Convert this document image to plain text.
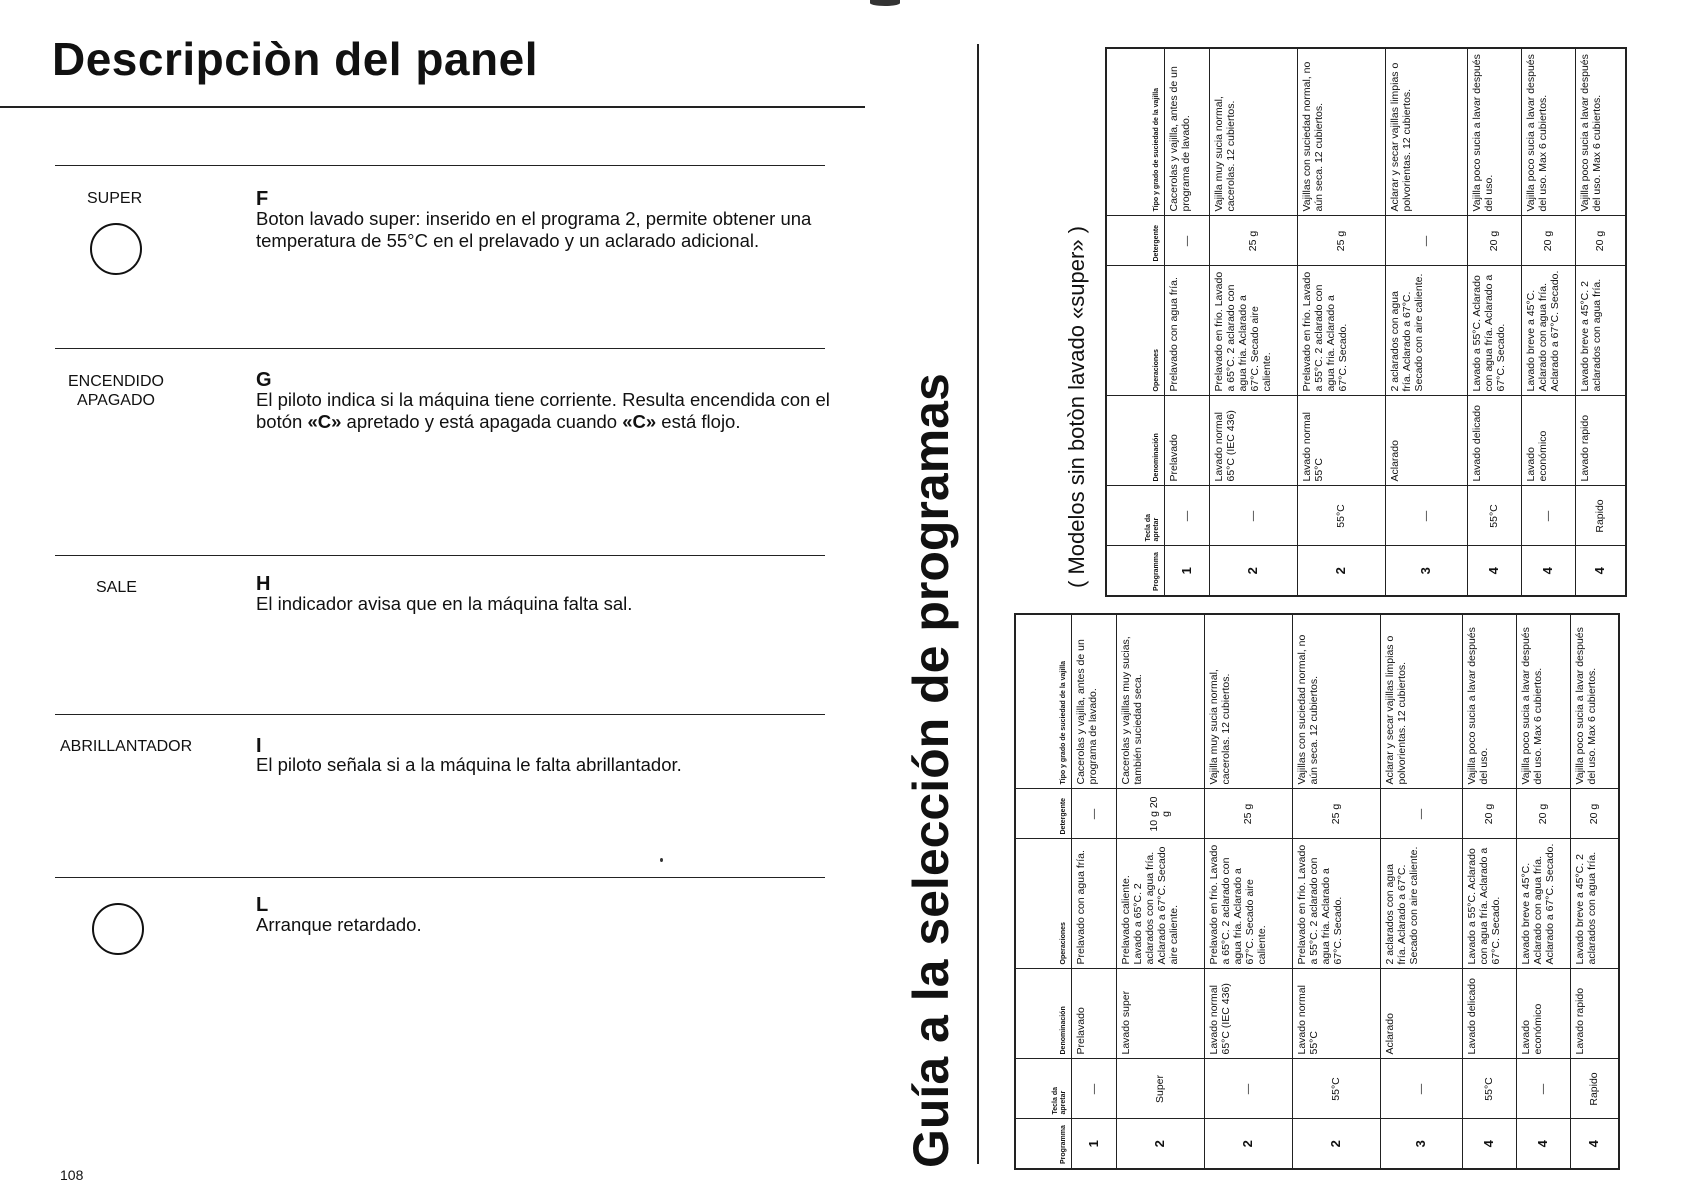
Descripciòn del panel
SUPER	F
Boton lavado super: inserido en el programa 2, permite obtener una temperatura de 55°C en el prelavado y un aclarado adicional.
ENCENDIDO
APAGADO
G
El piloto indica si la máquina tiene corriente. Resulta encendida con el botón «C» apretado y está apagada cuando «C» está flojo.
SALE	H
El indicador avisa que en la máquina falta sal.
ABRILLANTADOR	I
El piloto señala si a la máquina le falta abrillantador.
L
Arranque retardado.
108
Guía a la selección de programas	( Modelos sin botòn lavado «super» )
Programma	Tecla da apretar	Denominación	Operaciones	Detergente	Tipo y grado de suciedad de la vajilla
1	—	Prelavado	Prelavado con agua fría.	—	Cacerolas y vajilla, antes de un programa de lavado.
2	Super	Lavado super	Prelavado caliente. Lavado a 65°C. 2 aclarados con agua fría. Aclarado a 67°C. Secado aire caliente.	10 g 20 g	Cacerolas y vajillas muy sucias, también suciedad seca.
2	—	Lavado normal 65°C (IEC 436)	Prelavado en frio. Lavado a 65°C. 2 aclarado con agua fria. Aclarado a 67°C. Secado aire caliente.	25 g	Vajilla muy sucia normal, cacerolas. 12 cubiertos.
2	55°C	Lavado normal 55°C	Prelavado en frio. Lavado a 55°C. 2 aclarado con agua fria. Aclarado a 67°C. Secado.	25 g	Vajillas con suciedad normal, no aún seca. 12 cubiertos.
3	—	Aclarado	2 aclarados con agua fría. Aclarado a 67°C. Secado con aire caliente.	—	Aclarar y secar vajillas limpias o polvorientas. 12 cubiertos.
4	55°C	Lavado delicado	Lavado a 55°C. Aclarado con agua fría. Aclarado a 67°C. Secado.	20 g	Vajilla poco sucia a lavar después del uso.
4	—	Lavado económico	Lavado breve a 45°C. Aclarado con agua fría. Aclarado a 67°C. Secado.	20 g	Vajilla poco sucia a lavar después del uso. Max 6 cubiertos.
4	Rapido	Lavado rapido	Lavado breve a 45°C. 2 aclarados con agua fría.	20 g	Vajilla poco sucia a lavar después del uso. Max 6 cubiertos.
Programma	Tecla da apretar	Denominación	Operaciones	Detergente	Tipo y grado de suciedad de la vajilla
1	—	Prelavado	Prelavado con agua fría.	—	Cacerolas y vajilla, antes de un programa de lavado.
2	—	Lavado normal 65°C (IEC 436)	Prelavado en frio. Lavado a 65°C. 2 aclarado con agua fria. Aclarado a 67°C. Secado aire caliente.	25 g	Vajilla muy sucia normal, cacerolas. 12 cubiertos.
2	55°C	Lavado normal 55°C	Prelavado en frio. Lavado a 55°C. 2 aclarado con agua fria. Aclarado a 67°C. Secado.	25 g	Vajillas con suciedad normal, no aún seca. 12 cubiertos.
3	—	Aclarado	2 aclarados con agua fría. Aclarado a 67°C. Secado con aire caliente.	—	Aclarar y secar vajillas limpias o polvorientas. 12 cubiertos.
4	55°C	Lavado delicado	Lavado a 55°C. Aclarado con agua fría. Aclarado a 67°C. Secado.	20 g	Vajilla poco sucia a lavar después del uso.
4	—	Lavado económico	Lavado breve a 45°C. Aclarado con agua fría. Aclarado a 67°C. Secado.	20 g	Vajilla poco sucia a lavar después del uso. Max 6 cubiertos.
4	Rapido	Lavado rapido	Lavado breve a 45°C. 2 aclarados con agua fría.	20 g	Vajilla poco sucia a lavar después del uso. Max 6 cubiertos.
